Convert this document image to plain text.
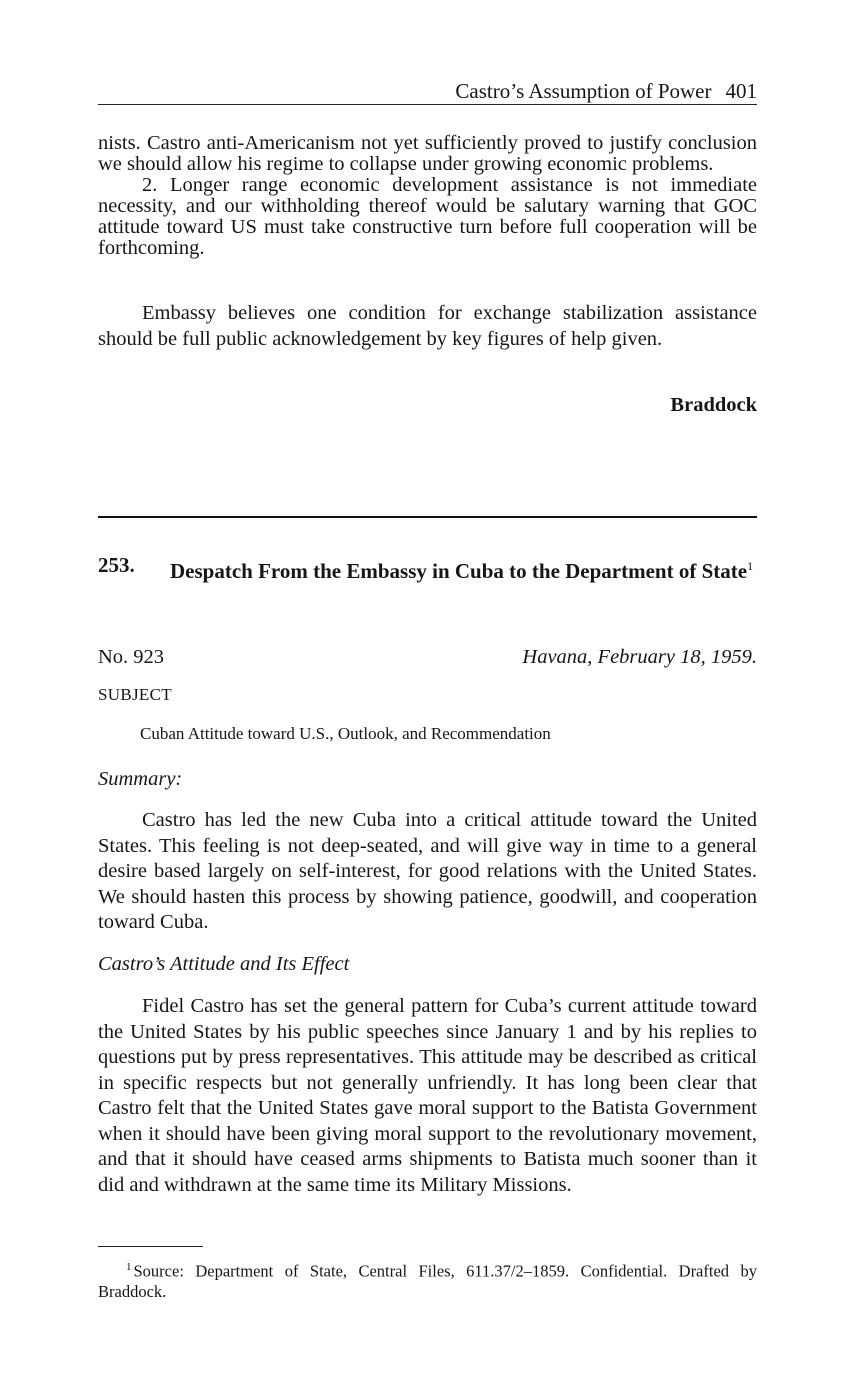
Castro’s Assumption of Power 401

nists. Castro anti-Americanism not yet sufficiently proved to justify conclusion we should allow his regime to collapse under growing economic problems.

2. Longer range economic development assistance is not immediate necessity, and our withholding thereof would be salutary warning that GOC attitude toward US must take constructive turn before full cooperation will be forthcoming.

Embassy believes one condition for exchange stabilization assistance should be full public acknowledgement by key figures of help given.

Braddock
253. Despatch From the Embassy in Cuba to the Department of State$^1$
No. 923	Havana, February 18, 1959.
SUBJECT
Cuban Attitude toward U.S., Outlook, and Recommendation
Summary:

Castro has led the new Cuba into a critical attitude toward the United States. This feeling is not deep-seated, and will give way in time to a general desire based largely on self-interest, for good relations with the United States. We should hasten this process by showing patience, goodwill, and cooperation toward Cuba.

Castro’s Attitude and Its Effect

Fidel Castro has set the general pattern for Cuba’s current attitude toward the United States by his public speeches since January 1 and by his replies to questions put by press representatives. This attitude may be described as critical in specific respects but not generally unfriendly. It has long been clear that Castro felt that the United States gave moral support to the Batista Government when it should have been giving moral support to the revolutionary movement, and that it should have ceased arms shipments to Batista much sooner than it did and withdrawn at the same time its Military Missions.

$^1$ Source: Department of State, Central Files, 611.37/2–1859. Confidential. Drafted by Braddock.
